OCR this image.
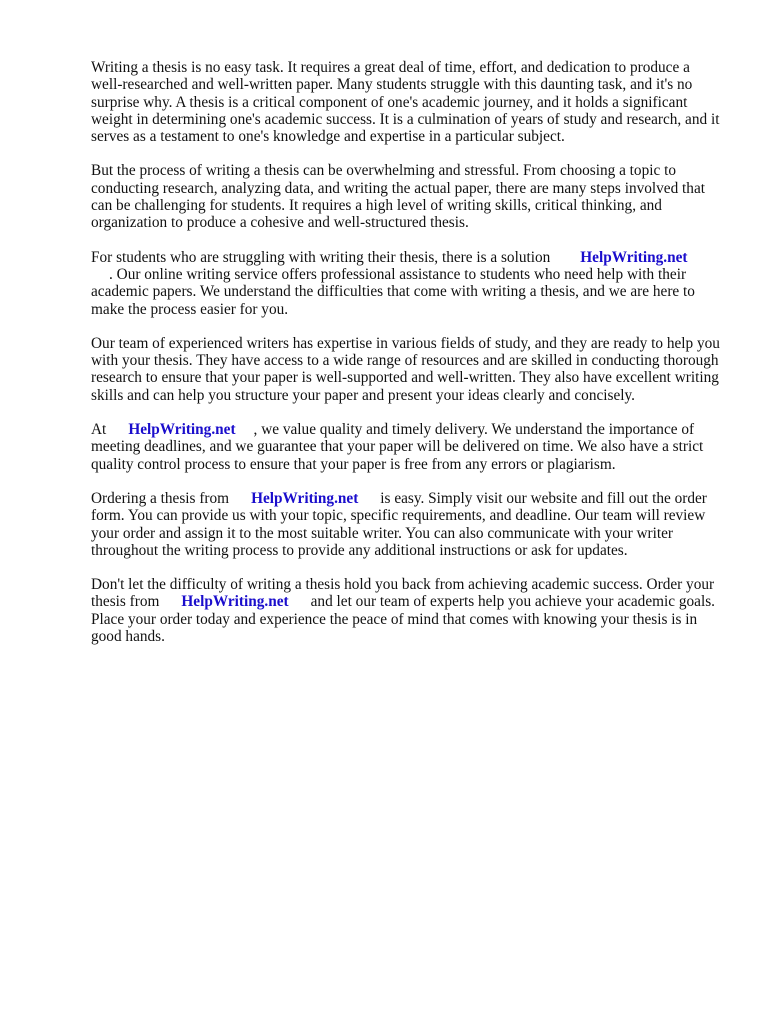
Writing a thesis is no easy task. It requires a great deal of time, effort, and dedication to produce a well-researched and well-written paper. Many students struggle with this daunting task, and it's no surprise why. A thesis is a critical component of one's academic journey, and it holds a significant weight in determining one's academic success. It is a culmination of years of study and research, and it serves as a testament to one's knowledge and expertise in a particular subject.

But the process of writing a thesis can be overwhelming and stressful. From choosing a topic to conducting research, analyzing data, and writing the actual paper, there are many steps involved that can be challenging for students. It requires a high level of writing skills, critical thinking, and organization to produce a cohesive and well-structured thesis.

For students who are struggling with writing their thesis, there is a solution HelpWriting.net
. Our online writing service offers professional assistance to students who need help with their academic papers. We understand the difficulties that come with writing a thesis, and we are here to make the process easier for you.

Our team of experienced writers has expertise in various fields of study, and they are ready to help you with your thesis. They have access to a wide range of resources and are skilled in conducting thorough research to ensure that your paper is well-supported and well-written. They also have excellent writing skills and can help you structure your paper and present your ideas clearly and concisely.

At HelpWriting.net , we value quality and timely delivery. We understand the importance of meeting deadlines, and we guarantee that your paper will be delivered on time. We also have a strict quality control process to ensure that your paper is free from any errors or plagiarism.

Ordering a thesis from HelpWriting.net is easy. Simply visit our website and fill out the order form. You can provide us with your topic, specific requirements, and deadline. Our team will review your order and assign it to the most suitable writer. You can also communicate with your writer throughout the writing process to provide any additional instructions or ask for updates.

Don't let the difficulty of writing a thesis hold you back from achieving academic success. Order your thesis from HelpWriting.net and let our team of experts help you achieve your academic goals. Place your order today and experience the peace of mind that comes with knowing your thesis is in good hands.
